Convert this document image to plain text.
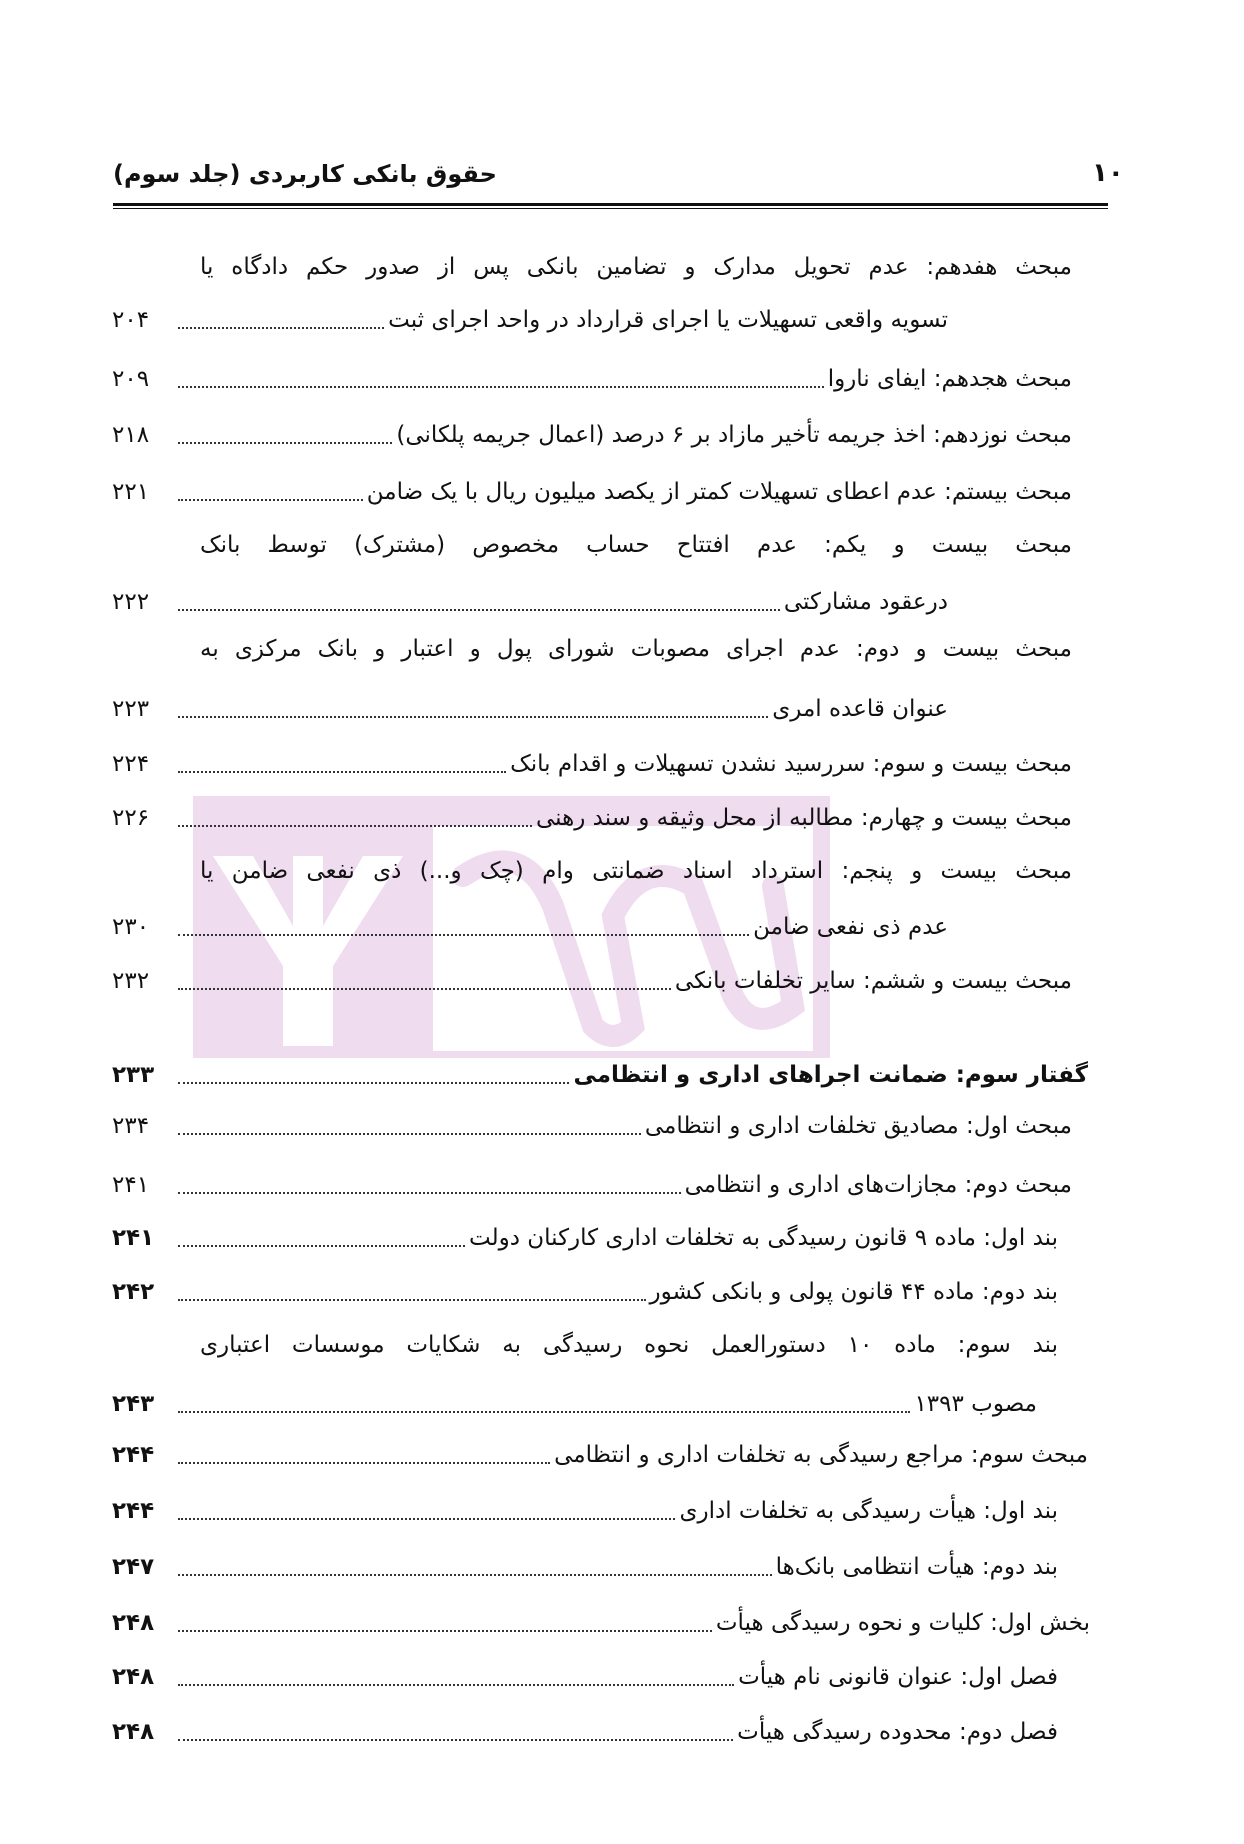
۱۰
حقوق بانکی کاربردی (جلد سوم)
مبحث هفدهم: عدم تحویل مدارک و تضامین بانکی پس از صدور حکم دادگاه یا
تسویه واقعی تسهیلات یا اجرای قرارداد در واحد اجرای ثبت
۲۰۴
مبحث هجدهم: ایفای ناروا
۲۰۹
مبحث نوزدهم: اخذ جریمه تأخیر مازاد بر ۶ درصد (اعمال جریمه پلکانی)
۲۱۸
مبحث بیستم: عدم اعطای تسهیلات کمتر از یکصد میلیون ریال با یک ضامن
۲۲۱
مبحث بیست و یکم: عدم افتتاح حساب مخصوص (مشترک) توسط بانک
درعقود مشارکتی
۲۲۲
مبحث بیست و دوم: عدم اجرای مصوبات شورای پول و اعتبار و بانک مرکزی به
عنوان قاعده امری
۲۲۳
مبحث بیست و سوم: سررسید نشدن تسهیلات و اقدام بانک
۲۲۴
مبحث بیست و چهارم: مطالبه از محل وثیقه و سند رهنی
۲۲۶
مبحث بیست و پنجم: استرداد اسناد ضمانتی وام (چک و...) ذی نفعی ضامن یا
عدم ذی نفعی ضامن
۲۳۰
مبحث بیست و ششم: سایر تخلفات بانکی
۲۳۲
گفتار سوم: ضمانت اجراهای اداری و انتظامی
۲۳۳
مبحث اول: مصادیق تخلفات اداری و انتظامی
۲۳۴
مبحث دوم: مجازات‌های اداری و انتظامی
۲۴۱
بند اول: ماده ۹ قانون رسیدگی به تخلفات اداری کارکنان دولت
۲۴۱
بند دوم: ماده ۴۴ قانون پولی و بانکی کشور
۲۴۲
بند سوم: ماده ۱۰ دستورالعمل نحوه رسیدگی به شکایات موسسات اعتباری
مصوب ۱۳۹۳
۲۴۳
مبحث سوم: مراجع رسیدگی به تخلفات اداری و انتظامی
۲۴۴
بند اول: هیأت رسیدگی به تخلفات اداری
۲۴۴
بند دوم: هیأت انتظامی بانک‌ها
۲۴۷
بخش اول: کلیات و نحوه رسیدگی هیأت
۲۴۸
فصل اول: عنوان قانونی نام هیأت
۲۴۸
فصل دوم: محدوده رسیدگی هیأت
۲۴۸
